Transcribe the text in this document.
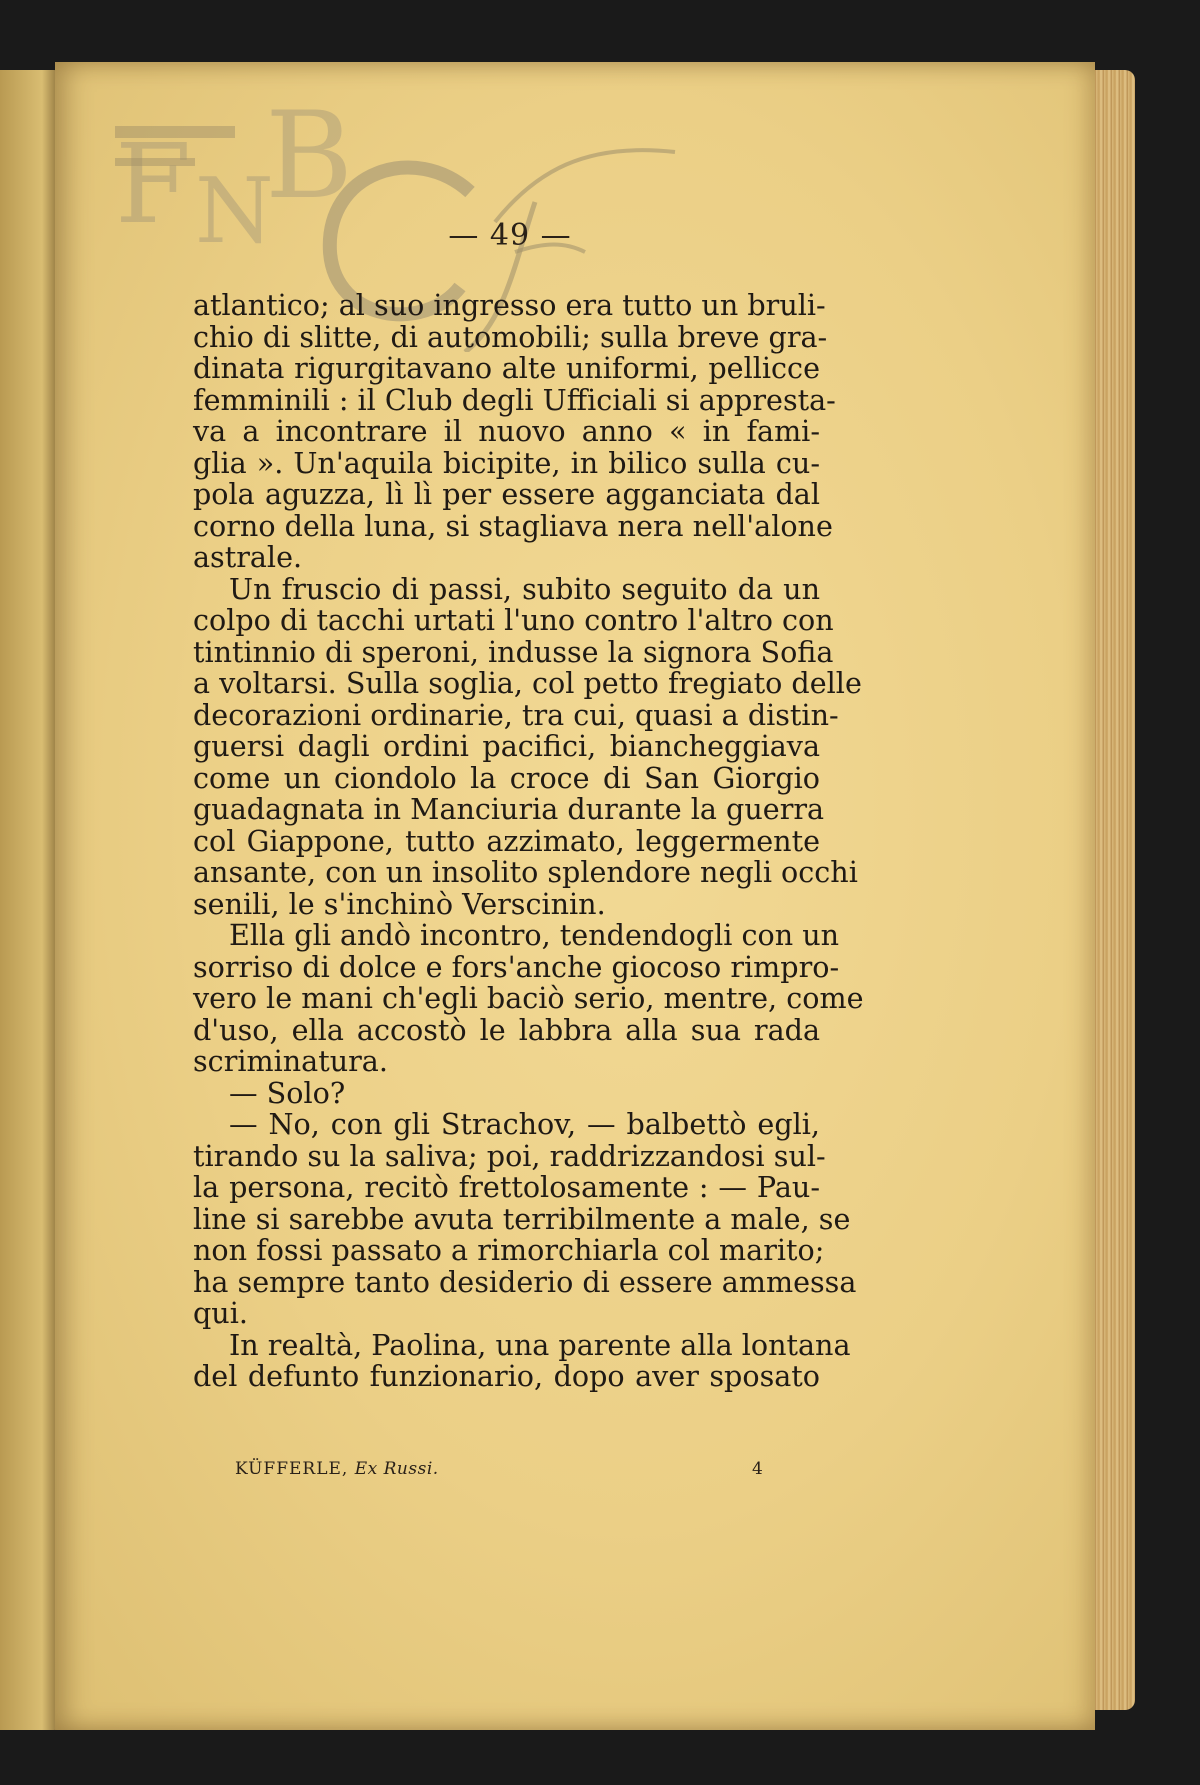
F N
B
— 49 —
atlantico; al suo ingresso era tutto un bruli-
chio di slitte, di automobili; sulla breve gra-
dinata rigurgitavano alte uniformi, pellicce
femminili : il Club degli Ufficiali si appresta-
va a incontrare il nuovo anno « in fami-
glia ». Un'aquila bicipite, in bilico sulla cu-
pola aguzza, lì lì per essere agganciata dal
corno della luna, si stagliava nera nell'alone
astrale.
Un fruscio di passi, subito seguito da un
colpo di tacchi urtati l'uno contro l'altro con
tintinnio di speroni, indusse la signora Sofia
a voltarsi. Sulla soglia, col petto fregiato delle
decorazioni ordinarie, tra cui, quasi a distin-
guersi dagli ordini pacifici, biancheggiava
come un ciondolo la croce di San Giorgio
guadagnata in Manciuria durante la guerra
col Giappone, tutto azzimato, leggermente
ansante, con un insolito splendore negli occhi
senili, le s'inchinò Verscinin.
Ella gli andò incontro, tendendogli con un
sorriso di dolce e fors'anche giocoso rimpro-
vero le mani ch'egli baciò serio, mentre, come
d'uso, ella accostò le labbra alla sua rada
scriminatura.
— Solo?
— No, con gli Strachov, — balbettò egli,
tirando su la saliva; poi, raddrizzandosi sul-
la persona, recitò frettolosamente : — Pau-
line si sarebbe avuta terribilmente a male, se
non fossi passato a rimorchiarla col marito;
ha sempre tanto desiderio di essere ammessa
qui.
In realtà, Paolina, una parente alla lontana
del defunto funzionario, dopo aver sposato
KÜFFERLE, Ex Russi.	4
